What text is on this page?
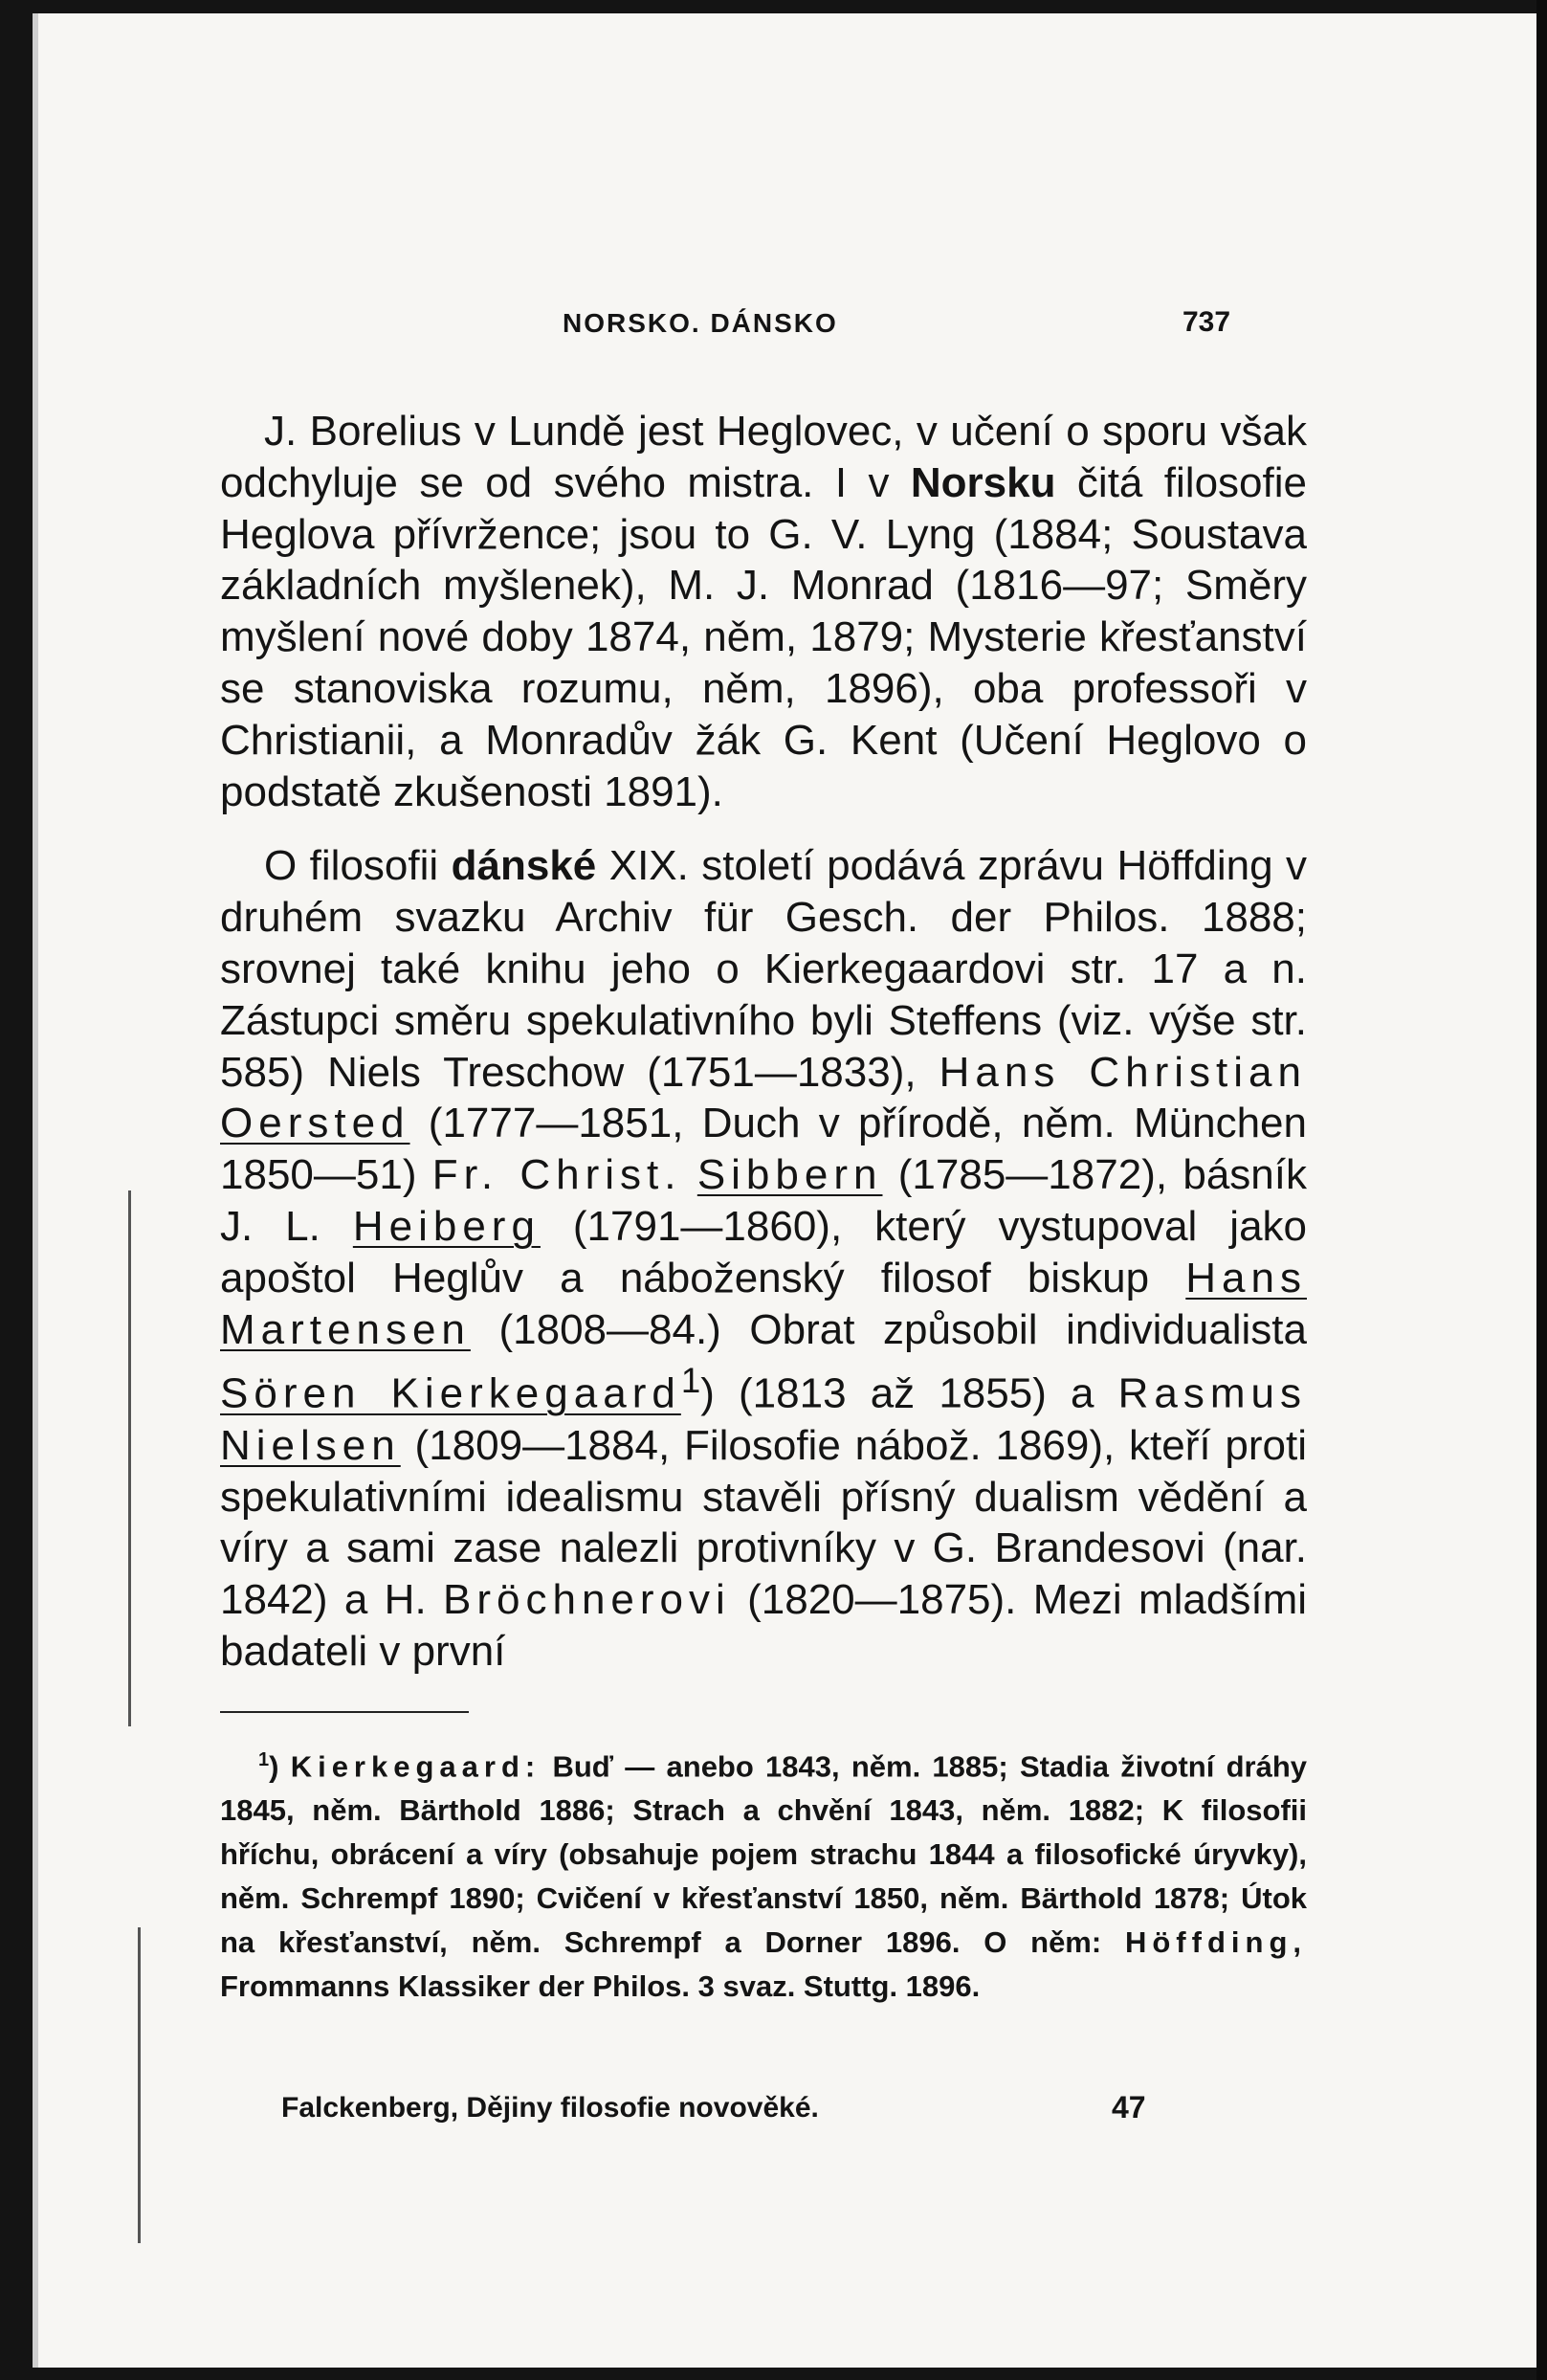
NORSKO. DÁNSKO	737

J. Borelius v Lundě jest Heglovec, v učení o sporu však odchyluje se od svého mistra. I v Norsku čitá filosofie Heglova přívržence; jsou to G. V. Lyng (1884; Soustava základních myšlenek), M. J. Monrad (1816—97; Směry myšlení nové doby 1874, něm, 1879; Mysterie křesťanství se stanoviska rozumu, něm, 1896), oba professoři v Christianii, a Monradův žák G. Kent (Učení Heglovo o podstatě zkušenosti 1891).

O filosofii dánské XIX. století podává zprávu Höffding v druhém svazku Archiv für Gesch. der Philos. 1888; srovnej také knihu jeho o Kierkegaardovi str. 17 a n. Zástupci směru spekulativního byli Steffens (viz. výše str. 585) Niels Treschow (1751—1833), Hans Christian Oersted (1777—1851, Duch v přírodě, něm. München 1850—51) Fr. Christ. Sibbern (1785—1872), básník J. L. Heiberg (1791—1860), který vystupoval jako apoštol Heglův a náboženský filosof biskup Hans Martensen (1808—84.) Obrat způsobil individualista Sören Kierkegaard$^1$) (1813 až 1855) a Rasmus Nielsen (1809—1884, Filosofie nábož. 1869), kteří proti spekulativními idealismu stavěli přísný dualism vědění a víry a sami zase nalezli protivníky v G. Brandesovi (nar. 1842) a H. Bröchnerovi (1820—1875). Mezi mladšími badateli v první

$^1$) Kierkegaard: Buď — anebo 1843, něm. 1885; Stadia životní dráhy 1845, něm. Bärthold 1886; Strach a chvění 1843, něm. 1882; K filosofii hříchu, obrácení a víry (obsahuje pojem strachu 1844 a filosofické úryvky), něm. Schrempf 1890; Cvičení v křesťanství 1850, něm. Bärthold 1878; Útok na křesťanství, něm. Schrempf a Dorner 1896. O něm: Höffding, Frommanns Klassiker der Philos. 3 svaz. Stuttg. 1896.

Falckenberg, Dějiny filosofie novověké.	47
